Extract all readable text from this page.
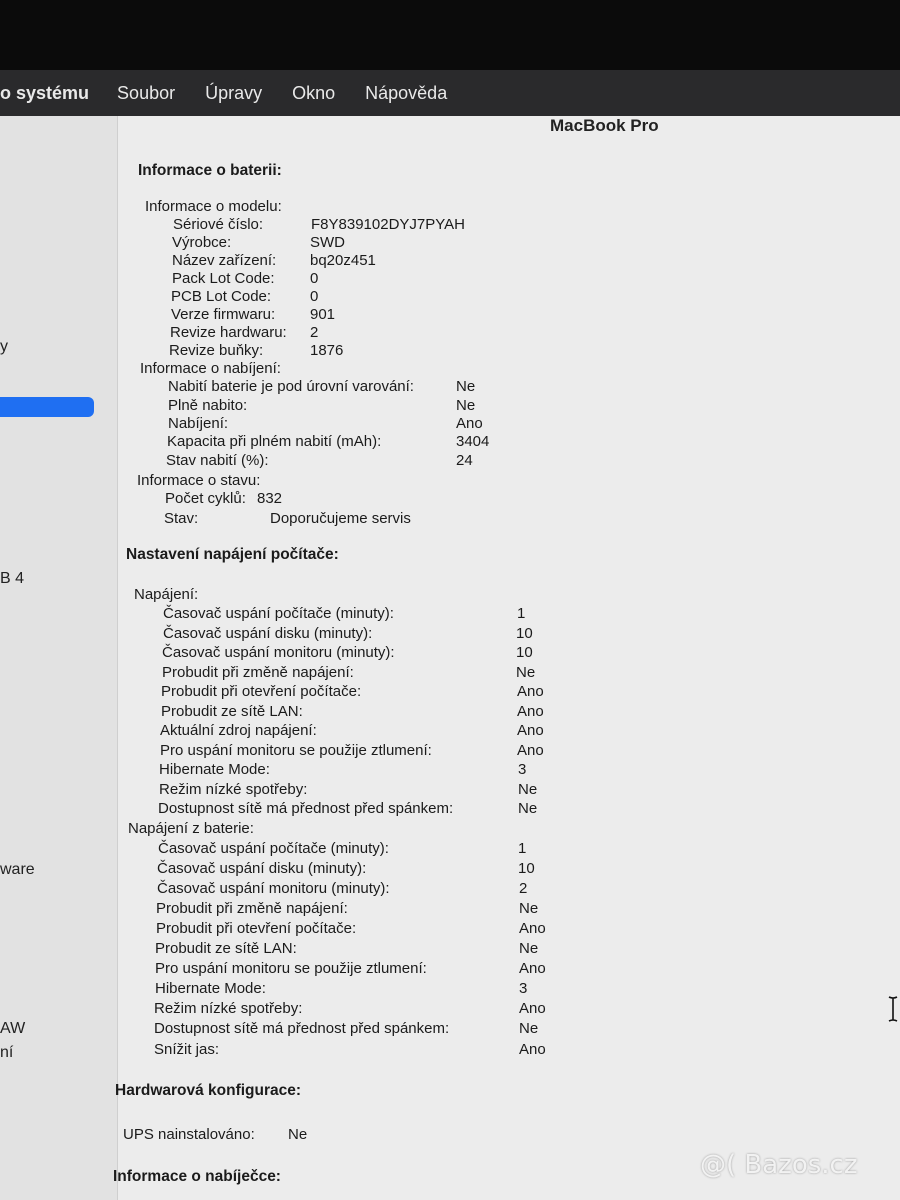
o systému Soubor Úpravy Okno Nápověda
y
B 4
ware
AW
ní
MacBook Pro
Informace o baterii:
Informace o modelu:
Sériové číslo:	F8Y839102DYJ7PYAH
Výrobce:	SWD
Název zařízení: bq20z451
Pack Lot Code: 0
PCB Lot Code:	0
Verze firmwaru: 901
Revize hardwaru: 2
Revize buňky:	1876
Informace o nabíjení:
Nabití baterie je pod úrovní varování:	Ne
Plně nabito:	Ne
Nabíjení:	Ano
Kapacita při plném nabití (mAh):	3404
Stav nabití (%):	24
Informace o stavu:
Počet cyklů: 832
Stav:	Doporučujeme servis
Nastavení napájení počítače:
Napájení:
Časovač uspání počítače (minuty):	1
Časovač uspání disku (minuty):	10
Časovač uspání monitoru (minuty):	10
Probudit při změně napájení:	Ne
Probudit při otevření počítače:	Ano
Probudit ze sítě LAN:	Ano
Aktuální zdroj napájení:	Ano
Pro uspání monitoru se použije ztlumení:	Ano
Hibernate Mode:	3
Režim nízké spotřeby:	Ne
Dostupnost sítě má přednost před spánkem:	Ne
Napájení z baterie:
Časovač uspání počítače (minuty):	1
Časovač uspání disku (minuty):	10
Časovač uspání monitoru (minuty):	2
Probudit při změně napájení:	Ne
Probudit při otevření počítače:	Ano
Probudit ze sítě LAN:	Ne
Pro uspání monitoru se použije ztlumení:	Ano
Hibernate Mode:	3
Režim nízké spotřeby:	Ano
Dostupnost sítě má přednost před spánkem:	Ne
Snížit jas:	Ano
Hardwarová konfigurace:
UPS nainstalováno: Ne
Informace o nabíječce:	@( Bazos.cz
